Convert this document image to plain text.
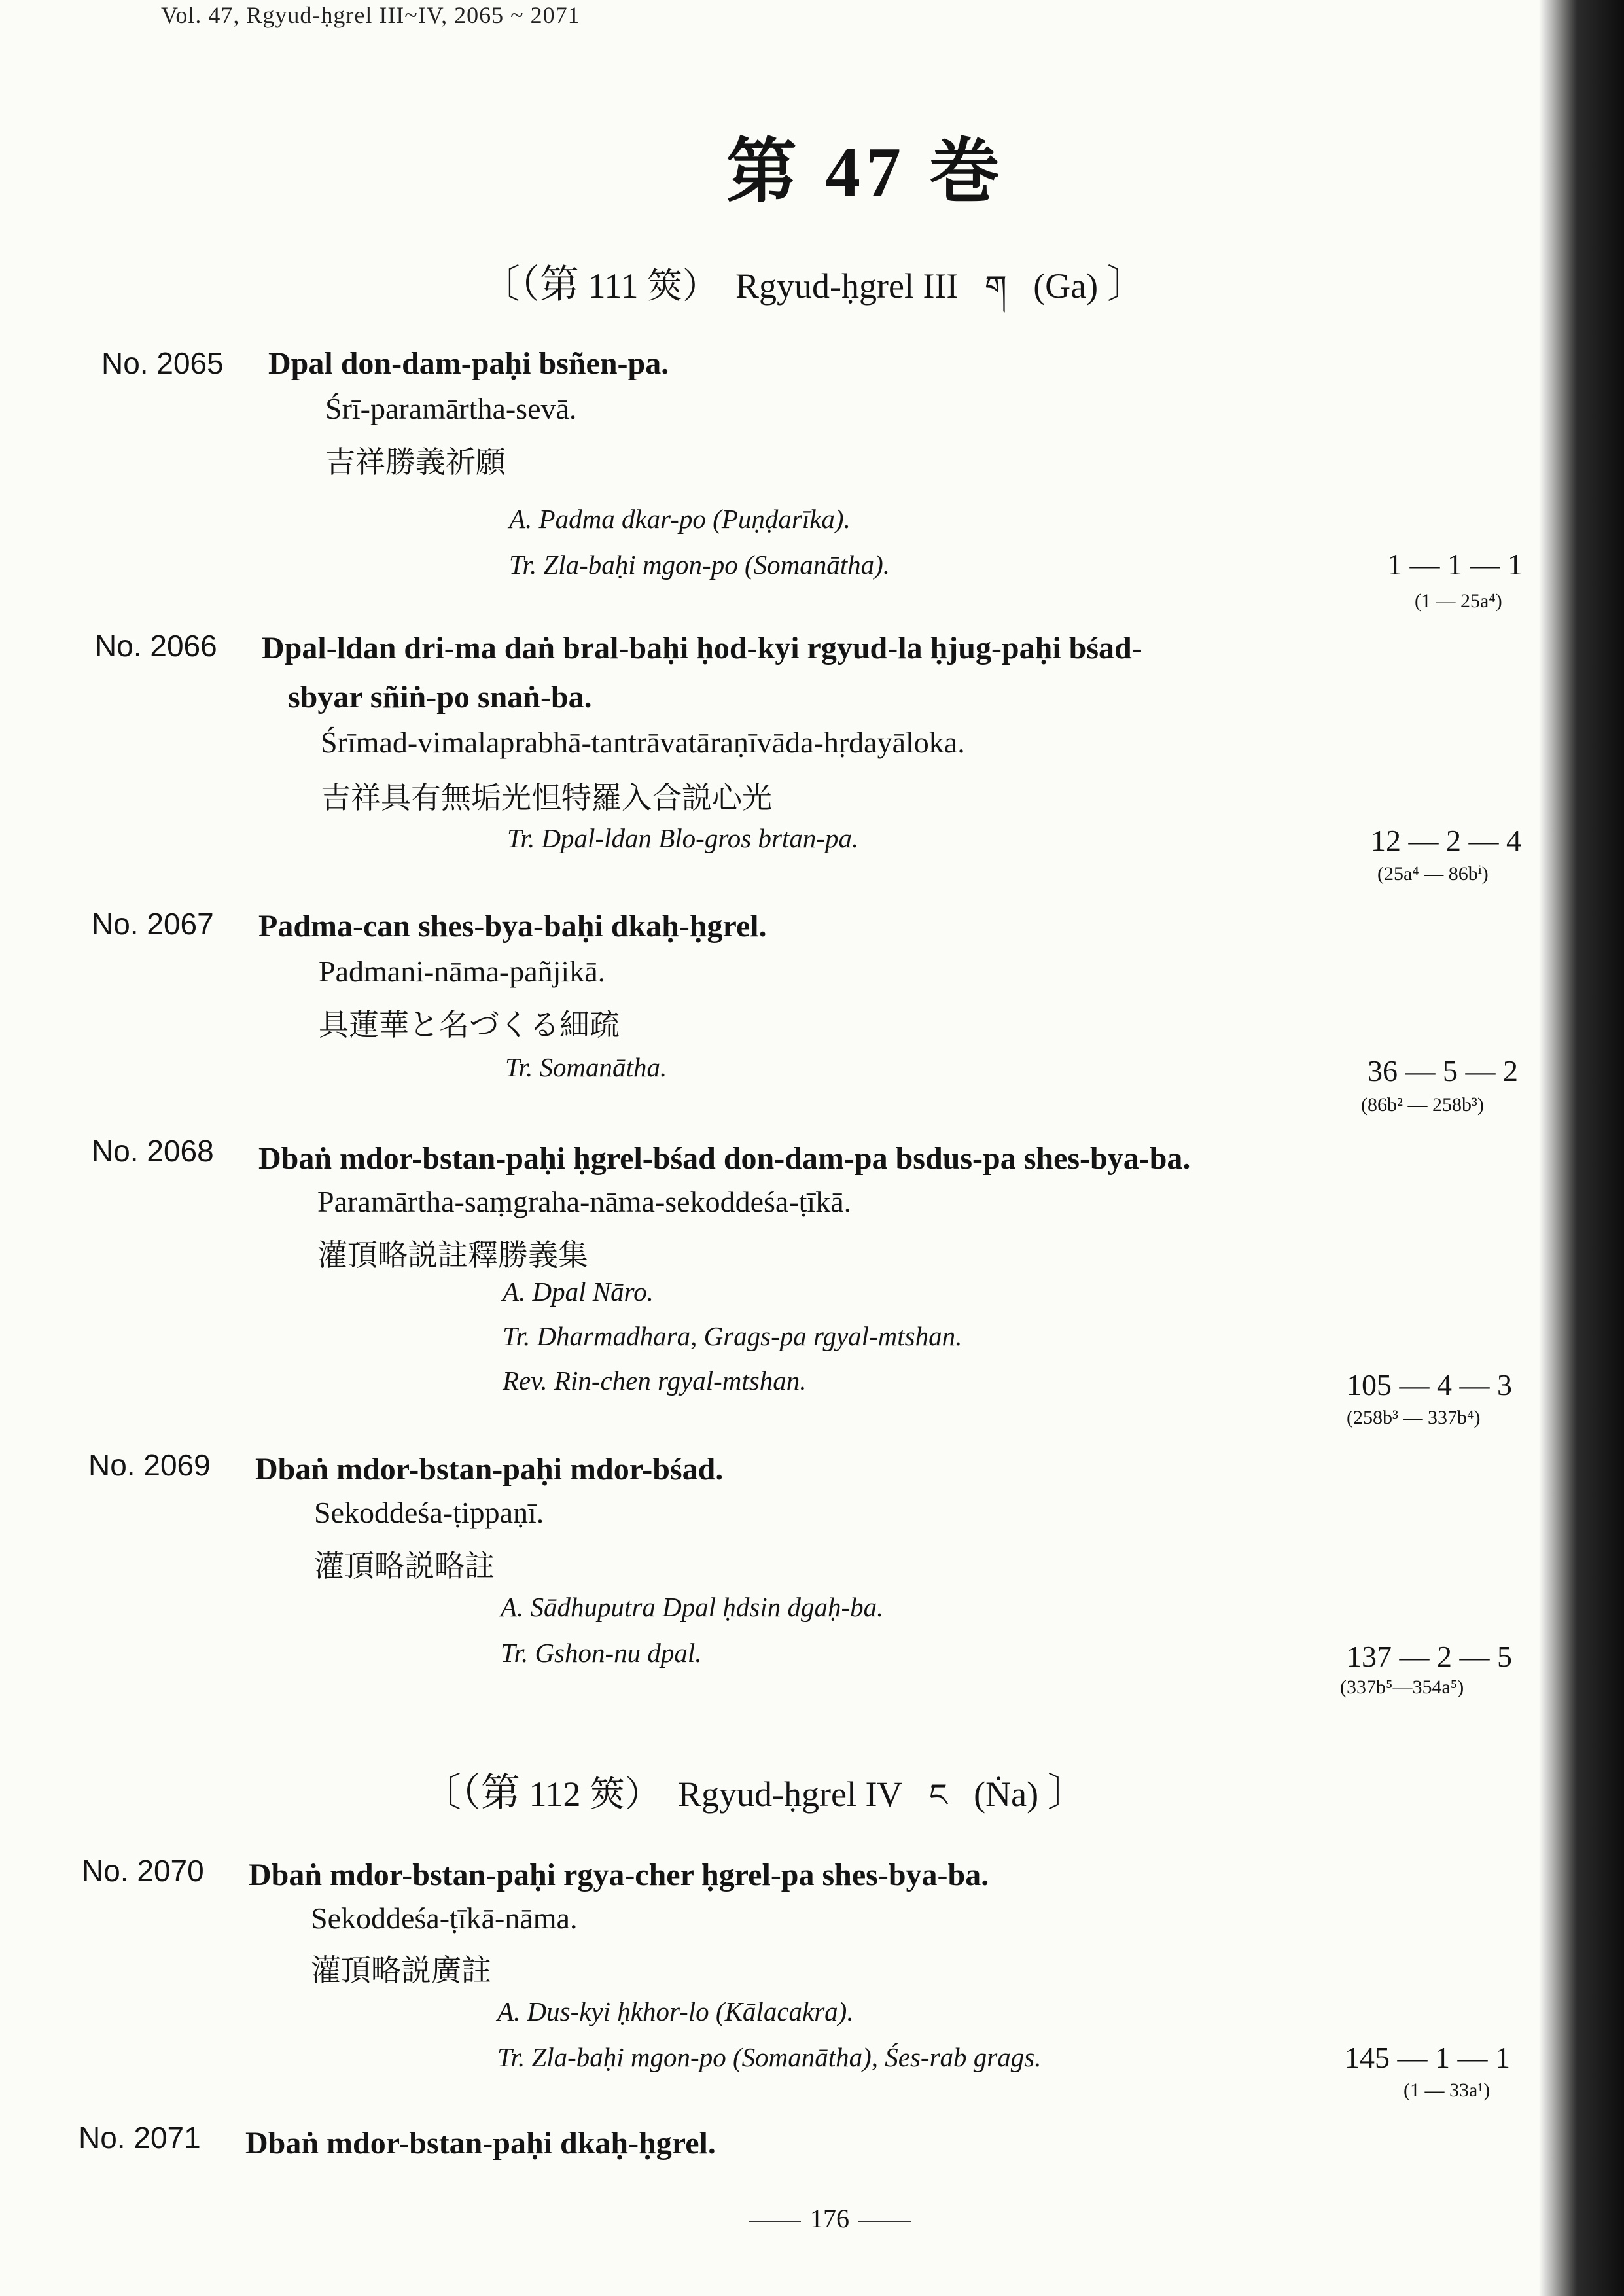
Vol. 47, Rgyud-ḥgrel III~IV, 2065 ~ 2071
第 47 巻
〔（第 111 筴） Rgyud-ḥgrel III ག (Ga) 〕
No. 2065 Dpal don-dam-paḥi bsñen-pa.
Śrī-paramārtha-sevā.
吉祥勝義祈願
A. Padma dkar-po (Puṇḍarīka).
Tr. Zla-baḥi mgon-po (Somanātha).	1 — 1 — 1
(1 — 25a⁴)
No. 2066 Dpal-ldan dri-ma daṅ bral-baḥi ḥod-kyi rgyud-la ḥjug-paḥi bśad-
sbyar sñiṅ-po snaṅ-ba.
Śrīmad-vimalaprabhā-tantrāvatāraṇīvāda-hṛdayāloka.
吉祥具有無垢光怛特羅入合説心光
Tr. Dpal-ldan Blo-gros brtan-pa.	12 — 2 — 4
(25a⁴ — 86bⁱ)
No. 2067 Padma-can shes-bya-baḥi dkaḥ-ḥgrel.
Padmani-nāma-pañjikā.
具蓮華と名づくる細疏
Tr. Somanātha.	36 — 5 — 2
(86b² — 258b³)
No. 2068 Dbaṅ mdor-bstan-paḥi ḥgrel-bśad don-dam-pa bsdus-pa shes-bya-ba.
Paramārtha-saṃgraha-nāma-sekoddeśa-ṭīkā.
灌頂略説註釋勝義集
A. Dpal Nāro.
Tr. Dharmadhara, Grags-pa rgyal-mtshan.
Rev. Rin-chen rgyal-mtshan.	105 — 4 — 3
(258b³ — 337b⁴)
No. 2069 Dbaṅ mdor-bstan-paḥi mdor-bśad.
Sekoddeśa-ṭippaṇī.
灌頂略説略註
A. Sādhuputra Dpal ḥdsin dgaḥ-ba.
Tr. Gshon-nu dpal.	137 — 2 — 5
(337b⁵—354a⁵)
〔（第 112 筴） Rgyud-ḥgrel IV ང (Ṅa) 〕
No. 2070 Dbaṅ mdor-bstan-paḥi rgya-cher ḥgrel-pa shes-bya-ba.
Sekoddeśa-ṭīkā-nāma.
灌頂略説廣註
A. Dus-kyi ḥkhor-lo (Kālacakra).
Tr. Zla-baḥi mgon-po (Somanātha), Śes-rab grags.	145 — 1 — 1
(1 — 33a¹)
No. 2071 Dbaṅ mdor-bstan-paḥi dkaḥ-ḥgrel.
176
